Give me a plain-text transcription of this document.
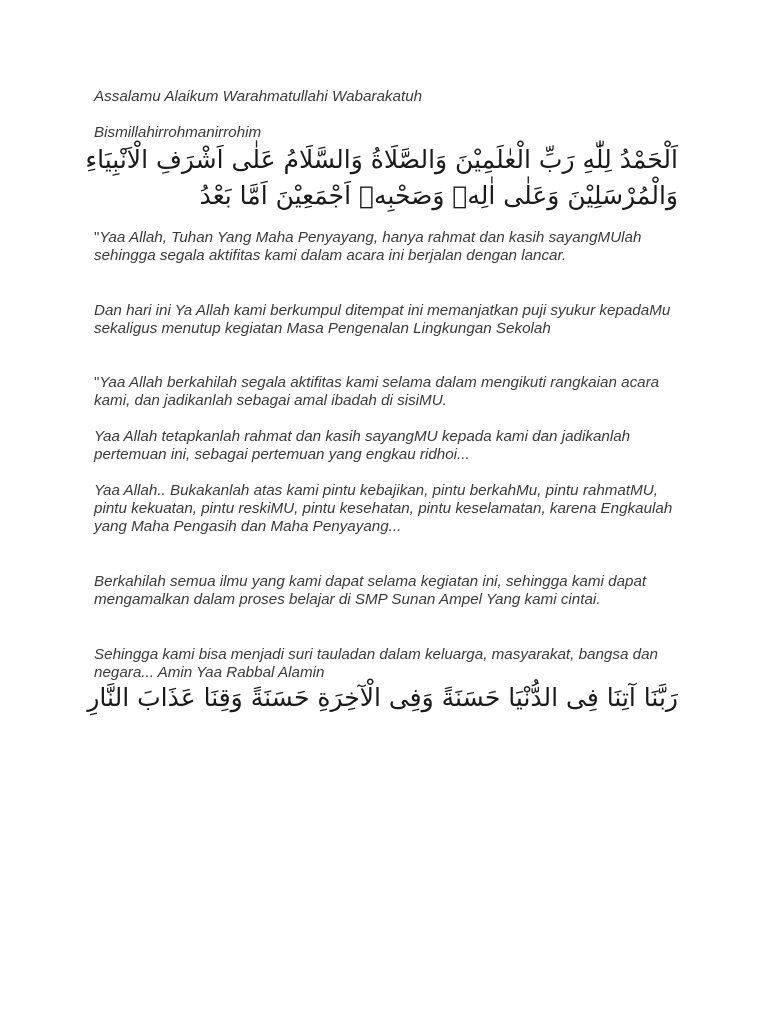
Assalamu Alaikum Warahmatullahi Wabarakatuh

Bismillahirrohmanirrohim

اَلْحَمْدُ لِلّٰهِ رَبِّ الْعٰلَمِيْنَ وَالصَّلَاةُ وَالسَّلَامُ عَلٰى اَشْرَفِ الْاَنْبِيَاءِ
وَالْمُرْسَلِيْنَ وَعَلٰى اٰلِهٖ وَصَحْبِهٖ اَجْمَعِيْنَ اَمَّا بَعْدُ

"Yaa Allah, Tuhan Yang Maha Penyayang, hanya rahmat dan kasih sayangMUlah sehingga segala aktifitas kami dalam acara ini berjalan dengan lancar.

Dan hari ini Ya Allah kami berkumpul ditempat ini memanjatkan puji syukur kepadaMu sekaligus menutup kegiatan Masa Pengenalan Lingkungan Sekolah

"Yaa Allah berkahilah segala aktifitas kami selama dalam mengikuti rangkaian acara kami, dan jadikanlah sebagai amal ibadah di sisiMU.

Yaa Allah tetapkanlah rahmat dan kasih sayangMU kepada kami dan jadikanlah pertemuan ini, sebagai pertemuan yang engkau ridhoi...

Yaa Allah.. Bukakanlah atas kami pintu kebajikan, pintu berkahMu, pintu rahmatMU, pintu kekuatan, pintu reskiMU, pintu kesehatan, pintu keselamatan, karena Engkaulah yang Maha Pengasih dan Maha Penyayang...

Berkahilah semua ilmu yang kami dapat selama kegiatan ini, sehingga kami dapat mengamalkan dalam proses belajar di SMP Sunan Ampel Yang kami cintai.

Sehingga kami bisa menjadi suri tauladan dalam keluarga, masyarakat, bangsa dan negara... Amin Yaa Rabbal Alamin

رَبَّنَا آتِنَا فِى الدُّنْيَا حَسَنَةً وَفِى الْآخِرَةِ حَسَنَةً وَقِنَا عَذَابَ النَّارِ
